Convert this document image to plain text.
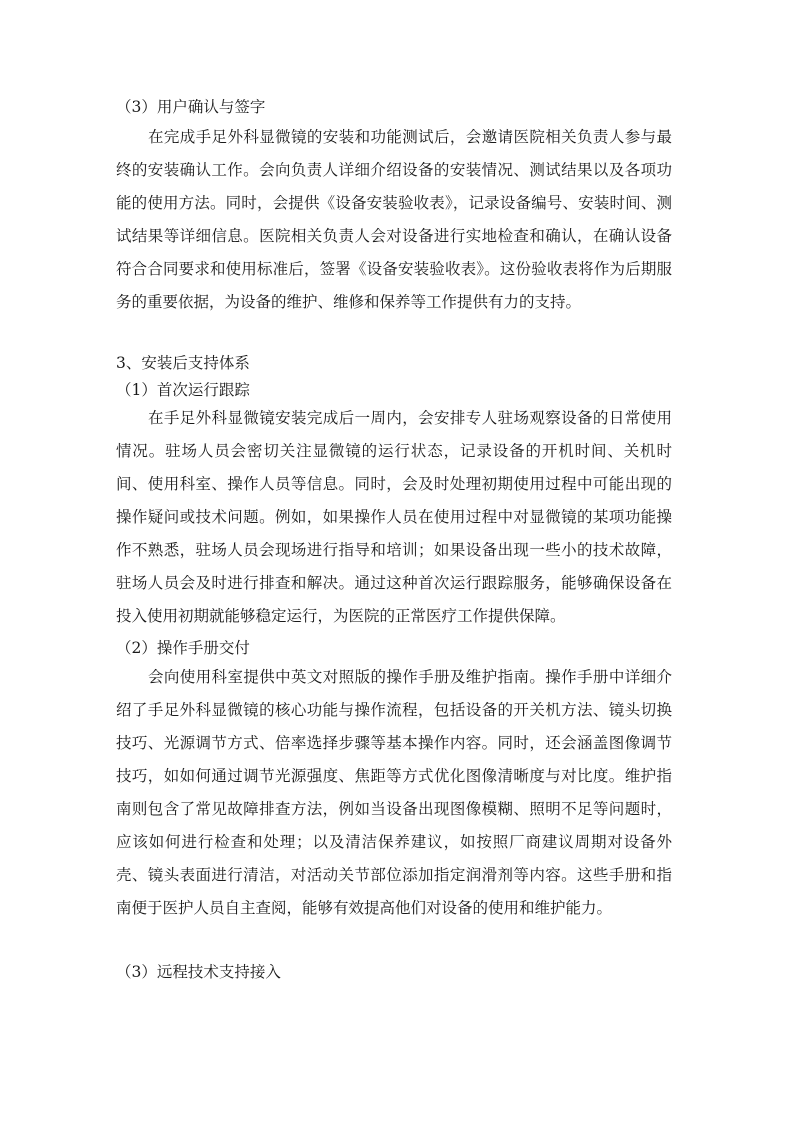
（3）用户确认与签字
在完成手足外科显微镜的安装和功能测试后，会邀请医院相关负责人参与最终的安装确认工作。会向负责人详细介绍设备的安装情况、测试结果以及各项功能的使用方法。同时，会提供《设备安装验收表》，记录设备编号、安装时间、测试结果等详细信息。医院相关负责人会对设备进行实地检查和确认，在确认设备符合合同要求和使用标准后，签署《设备安装验收表》。这份验收表将作为后期服务的重要依据，为设备的维护、维修和保养等工作提供有力的支持。
3、安装后支持体系
（1）首次运行跟踪
在手足外科显微镜安装完成后一周内，会安排专人驻场观察设备的日常使用情况。驻场人员会密切关注显微镜的运行状态，记录设备的开机时间、关机时间、使用科室、操作人员等信息。同时，会及时处理初期使用过程中可能出现的操作疑问或技术问题。例如，如果操作人员在使用过程中对显微镜的某项功能操作不熟悉，驻场人员会现场进行指导和培训；如果设备出现一些小的技术故障，驻场人员会及时进行排查和解决。通过这种首次运行跟踪服务，能够确保设备在投入使用初期就能够稳定运行，为医院的正常医疗工作提供保障。
（2）操作手册交付
会向使用科室提供中英文对照版的操作手册及维护指南。操作手册中详细介绍了手足外科显微镜的核心功能与操作流程，包括设备的开关机方法、镜头切换技巧、光源调节方式、倍率选择步骤等基本操作内容。同时，还会涵盖图像调节技巧，如如何通过调节光源强度、焦距等方式优化图像清晰度与对比度。维护指南则包含了常见故障排查方法，例如当设备出现图像模糊、照明不足等问题时，应该如何进行检查和处理；以及清洁保养建议，如按照厂商建议周期对设备外壳、镜头表面进行清洁，对活动关节部位添加指定润滑剂等内容。这些手册和指南便于医护人员自主查阅，能够有效提高他们对设备的使用和维护能力。
（3）远程技术支持接入
